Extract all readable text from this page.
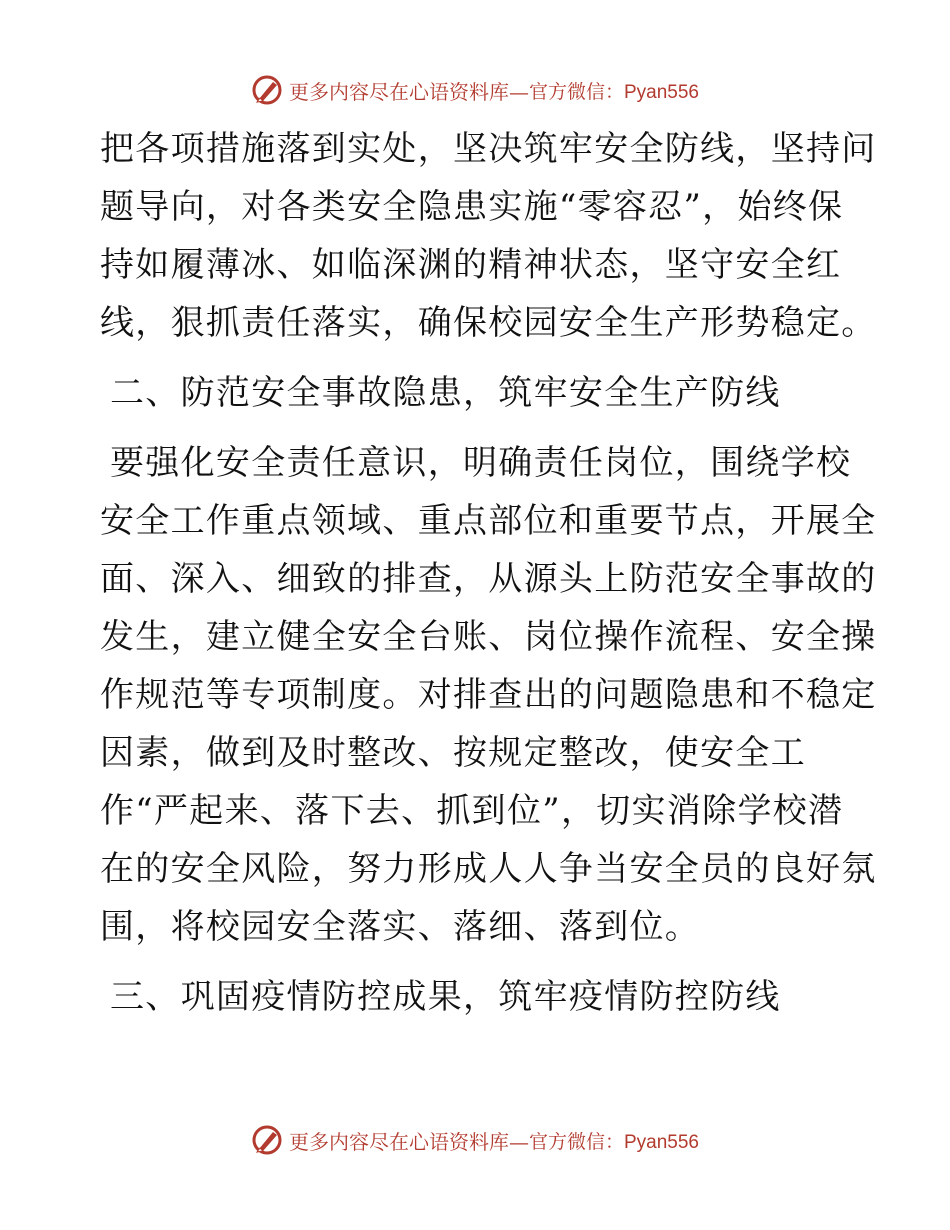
更多内容尽在心语资料库— 官方微信：Pyan556
把各项措施落到实处，坚决筑牢安全防线，坚持问
题导向，对各类安全隐患实施“零容忍”，始终保
持如履薄冰、如临深渊的精神状态，坚守安全红
线，狠抓责任落实，确保校园安全生产形势稳定。
二、防范安全事故隐患，筑牢安全生产防线
要强化安全责任意识，明确责任岗位，围绕学校
安全工作重点领域、重点部位和重要节点，开展全
面、深入、细致的排查，从源头上防范安全事故的
发生，建立健全安全台账、岗位操作流程、安全操
作规范等专项制度。对排查出的问题隐患和不稳定
因素，做到及时整改、按规定整改，使安全工
作“严起来、落下去、抓到位”，切实消除学校潜
在的安全风险，努力形成人人争当安全员的良好氛
围，将校园安全落实、落细、落到位。
三、巩固疫情防控成果，筑牢疫情防控防线
更多内容尽在心语资料库— 官方微信：Pyan556
